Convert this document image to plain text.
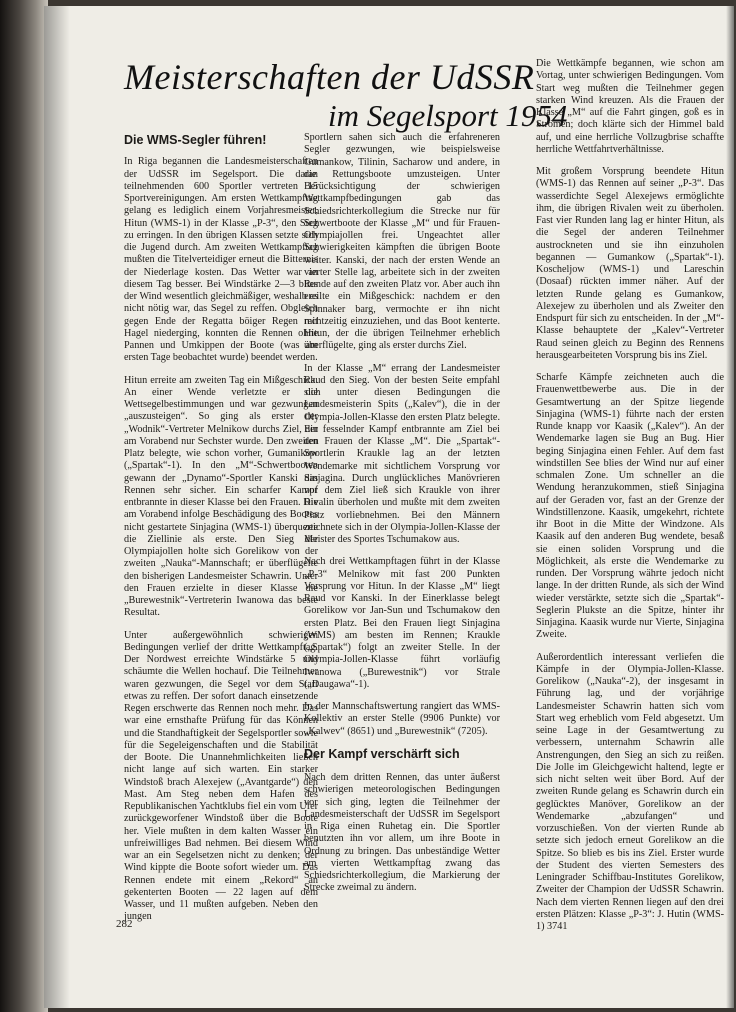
Meisterschaften der UdSSR
im Segelsport 1954
Die WMS-Segler führen!

In Riga begannen die Landesmeisterschaften der UdSSR im Segelsport. Die daran teilnehmenden 600 Sportler vertreten 15 Sportvereinigungen. Am ersten Wettkampftag gelang es lediglich einem Vorjahresmeister, Hitun (WMS-1) in der Klasse „P-3“, den Sieg zu erringen. In den übrigen Klassen setzte sich die Jugend durch. Am zweiten Wettkampftag mußten die Titelverteidiger erneut die Bitternis der Niederlage kosten. Das Wetter war an diesem Tag besser. Bei Windstärke 2—3 blies der Wind wesentlich gleichmäßiger, weshalb es nicht nötig war, das Segel zu reffen. Obgleich gegen Ende der Regatta böiger Regen mit Hagel niederging, konnten die Rennen ohne Pannen und Umkippen der Boote (was am ersten Tage beobachtet wurde) beendet werden.

Hitun erreite am zweiten Tag ein Mißgeschick. An einer Wende verletzte er die Wettsegelbestimmungen und war gezwungen „auszusteigen“. So ging als erster der „Wodnik“-Vertreter Melnikow durchs Ziel, der am Vorabend nur Sechster wurde. Den zweiten Platz belegte, wie schon vorher, Gumanikow („Spartak“-1). In den „M“-Schwertbooten gewann der „Dynamo“-Sportler Kanski das Rennen sehr sicher. Ein scharfer Kampf entbrannte in dieser Klasse bei den Frauen. Die am Vorabend infolge Beschädigung des Bootes nicht gestartete Sinjagina (WMS-1) überquerte die Ziellinie als erste. Den Sieg der Olympiajollen holte sich Gorelikow von der zweiten „Nauka“-Mannschaft; er überflügelte den bisherigen Landesmeister Schawrin. Unter den Frauen erzielte in dieser Klasse die „Burewestnik“-Vertreterin Iwanowa das beste Resultat.

Unter außergewöhnlich schwierigen Bedingungen verlief der dritte Wettkampftag. Der Nordwest erreichte Windstärke 5 und schäumte die Wellen hochauf. Die Teilnehmer waren gezwungen, die Segel vor dem Start etwas zu reffen. Der sofort danach einsetzende Regen erschwerte das Rennen noch mehr. Das war eine ernsthafte Prüfung für das Können und die Standhaftigkeit der Segelsportler sowie für die Segeleigenschaften und die Stabilität der Boote. Die Unannehmlichkeiten ließen nicht lange auf sich warten. Ein starker Windstoß brach Alexejew („Avantgarde“) den Mast. Am Steg neben dem Hafen des Republikanischen Yachtklubs fiel ein vom Ufer zurückgeworfener Windstoß über die Boote her. Viele mußten in dem kalten Wasser ein unfreiwilliges Bad nehmen. Bei diesem Wind war an ein Segelsetzen nicht zu denken; der Wind kippte die Boote sofort wieder um. Das Rennen endete mit einem „Rekord“ an gekenterten Booten — 22 lagen auf dem Wasser, und 11 mußten aufgeben. Neben den jungen

Sportlern sahen sich auch die erfahreneren Segler gezwungen, wie beispielsweise Gumankow, Tilinin, Sacharow und andere, in die Rettungsboote umzusteigen. Unter Berücksichtigung der schwierigen Wettkampfbedingungen gab das Schiedsrichterkollegium die Strecke nur für Schwertboote der Klasse „M“ und für Frauen-Olympiajollen frei. Ungeachtet aller Schwierigkeiten kämpften die übrigen Boote weiter. Kanski, der nach der ersten Wende an vierter Stelle lag, arbeitete sich in der zweiten Runde auf den zweiten Platz vor. Aber auch ihn ereilte ein Mißgeschick: nachdem er den Spinnaker barg, vermochte er ihn nicht rechtzeitig einzuziehen, und das Boot kenterte. Hitun, der die übrigen Teilnehmer erheblich überflügelte, ging als erster durchs Ziel.

In der Klasse „M“ errang der Landesmeister Raud den Sieg. Von der besten Seite empfahl sich unter diesen Bedingungen die Landesmeisterin Spits („Kalev“), die in der Olympia-Jollen-Klasse den ersten Platz belegte. Ein fesselnder Kampf entbrannte am Ziel bei den Frauen der Klasse „M“. Die „Spartak“-Sportlerin Kraukle lag an der letzten Wendemarke mit sichtlichem Vorsprung vor Sinjagina. Durch unglückliches Manövrieren vor dem Ziel ließ sich Kraukle von ihrer Rivalin überholen und mußte mit dem zweiten Platz vorliebnehmen. Bei den Männern zeichnete sich in der Olympia-Jollen-Klasse der Meister des Sportes Tschumakow aus.

Nach drei Wettkampftagen führt in der Klasse „P-3“ Melnikow mit fast 200 Punkten Vorsprung vor Hitun. In der Klasse „M“ liegt Raud vor Kanski. In der Einerklasse belegt Gorelikow vor Jan-Sun und Tschumakow den ersten Platz. Bei den Frauen liegt Sinjagina (WMS) am besten im Rennen; Kraukle („Spartak“) folgt an zweiter Stelle. In der Olympia-Jollen-Klasse führt vorläufig Iwanowa („Burewestnik“) vor Strale („Daugawa“-1).

In der Mannschaftswertung rangiert das WMS-Kollektiv an erster Stelle (9906 Punkte) vor „Kalwev“ (8651) und „Burewestnik“ (7205).

Der Kampf verschärft sich

Nach dem dritten Rennen, das unter äußerst schwierigen meteorologischen Bedingungen vor sich ging, legten die Teilnehmer der Landesmeisterschaft der UdSSR im Segelsport in Riga einen Ruhetag ein. Die Sportler benutzten ihn vor allem, um ihre Boote in Ordnung zu bringen. Das unbeständige Wetter am vierten Wettkampftag zwang das Schiedsrichterkollegium, die Markierung der Strecke zweimal zu ändern.

Die Wettkämpfe begannen, wie schon am Vortag, unter schwierigen Bedingungen. Vom Start weg mußten die Teilnehmer gegen starken Wind kreuzen. Als die Frauen der Klasse „M“ auf die Fahrt gingen, goß es in Strömen; doch klärte sich der Himmel bald auf, und eine herrliche Vollzugbrise schaffte herrliche Wettfahrtverhältnisse.

Mit großem Vorsprung beendete Hitun (WMS-1) das Rennen auf seiner „P-3“. Das wasserdichte Segel Alexejews ermöglichte ihm, die übrigen Rivalen weit zu überholen. Fast vier Runden lang lag er hinter Hitun, als die Segel der anderen Teilnehmer austrockneten und sie ihn einzuholen begannen — Gumankow („Spartak“-1). Koscheljow (WMS-1) und Lareschin (Dosaaf) rückten immer näher. Auf der letzten Runde gelang es Gumankow, Alexejew zu überholen und als Zweiter den Endspurt für sich zu entscheiden. In der „M“-Klasse behauptete der „Kalev“-Vertreter Raud seinen gleich zu Beginn des Rennens herausgearbeiteten Vorsprung bis ins Ziel.

Scharfe Kämpfe zeichneten auch die Frauenwettbewerbe aus. Die in der Gesamtwertung an der Spitze liegende Sinjagina (WMS-1) führte nach der ersten Runde knapp vor Kaasik („Kalev“). An der Wendemarke lagen sie Bug an Bug. Hier beging Sinjagina einen Fehler. Auf dem fast windstillen See blies der Wind nur auf einer schmalen Zone. Um schneller an die Wendung heranzukommen, stieß Sinjagina auf der Geraden vor, fast an der Grenze der Windstillenzone. Kaasik, umgekehrt, richtete ihr Boot in die Mitte der Windzone. Als Kaasik auf den anderen Bug wendete, besaß sie einen soliden Vorsprung und die Möglichkeit, als erste die Wendemarke zu runden. Der Vorsprung währte jedoch nicht lange. In der dritten Runde, als sich der Wind wieder verstärkte, setzte sich die „Spartak“-Seglerin Plukste an die Spitze, hinter ihr Sinjagina. Kaasik wurde nur Vierte, Sinjagina Zweite.

Außerordentlich interessant verliefen die Kämpfe in der Olympia-Jollen-Klasse. Gorelikow („Nauka“-2), der insgesamt in Führung lag, und der vorjährige Landesmeister Schawrin hatten sich vom Start weg erheblich vom Feld abgesetzt. Um seine Lage in der Gesamtwertung zu verbessern, unternahm Schawrin alle Anstrengungen, den Sieg an sich zu reißen. Die Jolle im Gleichgewicht haltend, legte er sich nicht selten weit über Bord. Auf der zweiten Runde gelang es Schawrin durch ein geglücktes Manöver, Gorelikow an der Wendemarke „abzufangen“ und vorzuschießen. Von der vierten Runde ab setzte sich jedoch erneut Gorelikow an die Spitze. So blieb es bis ins Ziel. Erster wurde der Student des vierten Semesters des Leningrader Schiffbau-Institutes Gorelikow, Zweiter der Champion der UdSSR Schawrin. Nach dem vierten Rennen liegen auf den drei ersten Plätzen: Klasse „P-3“: J. Hutin (WMS-1) 3741

282
